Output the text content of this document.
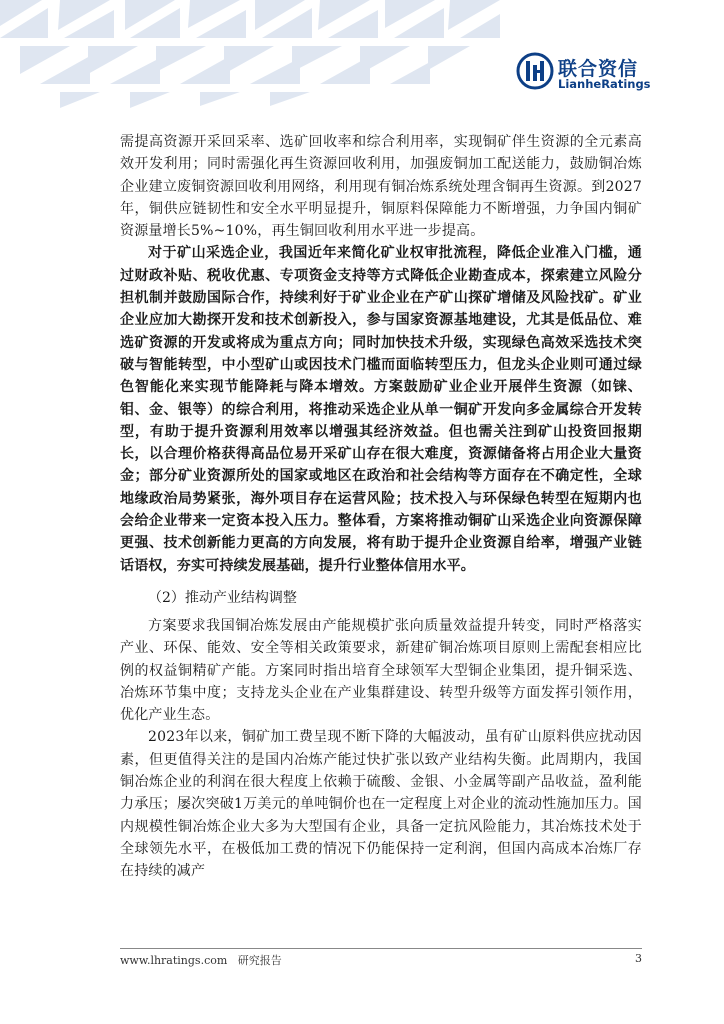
联合资信
LianheRatings

需提高资源开采回采率、选矿回收率和综合利用率，实现铜矿伴生资源的全元素高效开发利用；同时需强化再生资源回收利用，加强废铜加工配送能力，鼓励铜冶炼企业建立废铜资源回收利用网络，利用现有铜冶炼系统处理含铜再生资源。到2027年，铜供应链韧性和安全水平明显提升，铜原料保障能力不断增强，力争国内铜矿资源量增长5%~10%，再生铜回收利用水平进一步提高。

对于矿山采选企业，我国近年来简化矿业权审批流程，降低企业准入门槛，通过财政补贴、税收优惠、专项资金支持等方式降低企业勘查成本，探索建立风险分担机制并鼓励国际合作，持续利好于矿业企业在产矿山探矿增储及风险找矿。矿业企业应加大勘探开发和技术创新投入，参与国家资源基地建设，尤其是低品位、难选矿资源的开发或将成为重点方向；同时加快技术升级，实现绿色高效采选技术突破与智能转型，中小型矿山或因技术门槛而面临转型压力，但龙头企业则可通过绿色智能化来实现节能降耗与降本增效。方案鼓励矿业企业开展伴生资源（如铼、钼、金、银等）的综合利用，将推动采选企业从单一铜矿开发向多金属综合开发转型，有助于提升资源利用效率以增强其经济效益。但也需关注到矿山投资回报期长，以合理价格获得高品位易开采矿山存在很大难度，资源储备将占用企业大量资金；部分矿业资源所处的国家或地区在政治和社会结构等方面存在不确定性，全球地缘政治局势紧张，海外项目存在运营风险；技术投入与环保绿色转型在短期内也会给企业带来一定资本投入压力。整体看，方案将推动铜矿山采选企业向资源保障更强、技术创新能力更高的方向发展，将有助于提升企业资源自给率，增强产业链话语权，夯实可持续发展基础，提升行业整体信用水平。

（2）推动产业结构调整

方案要求我国铜冶炼发展由产能规模扩张向质量效益提升转变，同时严格落实产业、环保、能效、安全等相关政策要求，新建矿铜冶炼项目原则上需配套相应比例的权益铜精矿产能。方案同时指出培育全球领军大型铜企业集团，提升铜采选、冶炼环节集中度；支持龙头企业在产业集群建设、转型升级等方面发挥引领作用，优化产业生态。

2023年以来，铜矿加工费呈现不断下降的大幅波动，虽有矿山原料供应扰动因素，但更值得关注的是国内冶炼产能过快扩张以致产业结构失衡。此周期内，我国铜冶炼企业的利润在很大程度上依赖于硫酸、金银、小金属等副产品收益，盈利能力承压；屡次突破1万美元的单吨铜价也在一定程度上对企业的流动性施加压力。国内规模性铜冶炼企业大多为大型国有企业，具备一定抗风险能力，其冶炼技术处于全球领先水平，在极低加工费的情况下仍能保持一定利润，但国内高成本冶炼厂存在持续的减产

www.lhratings.com 研究报告	3
